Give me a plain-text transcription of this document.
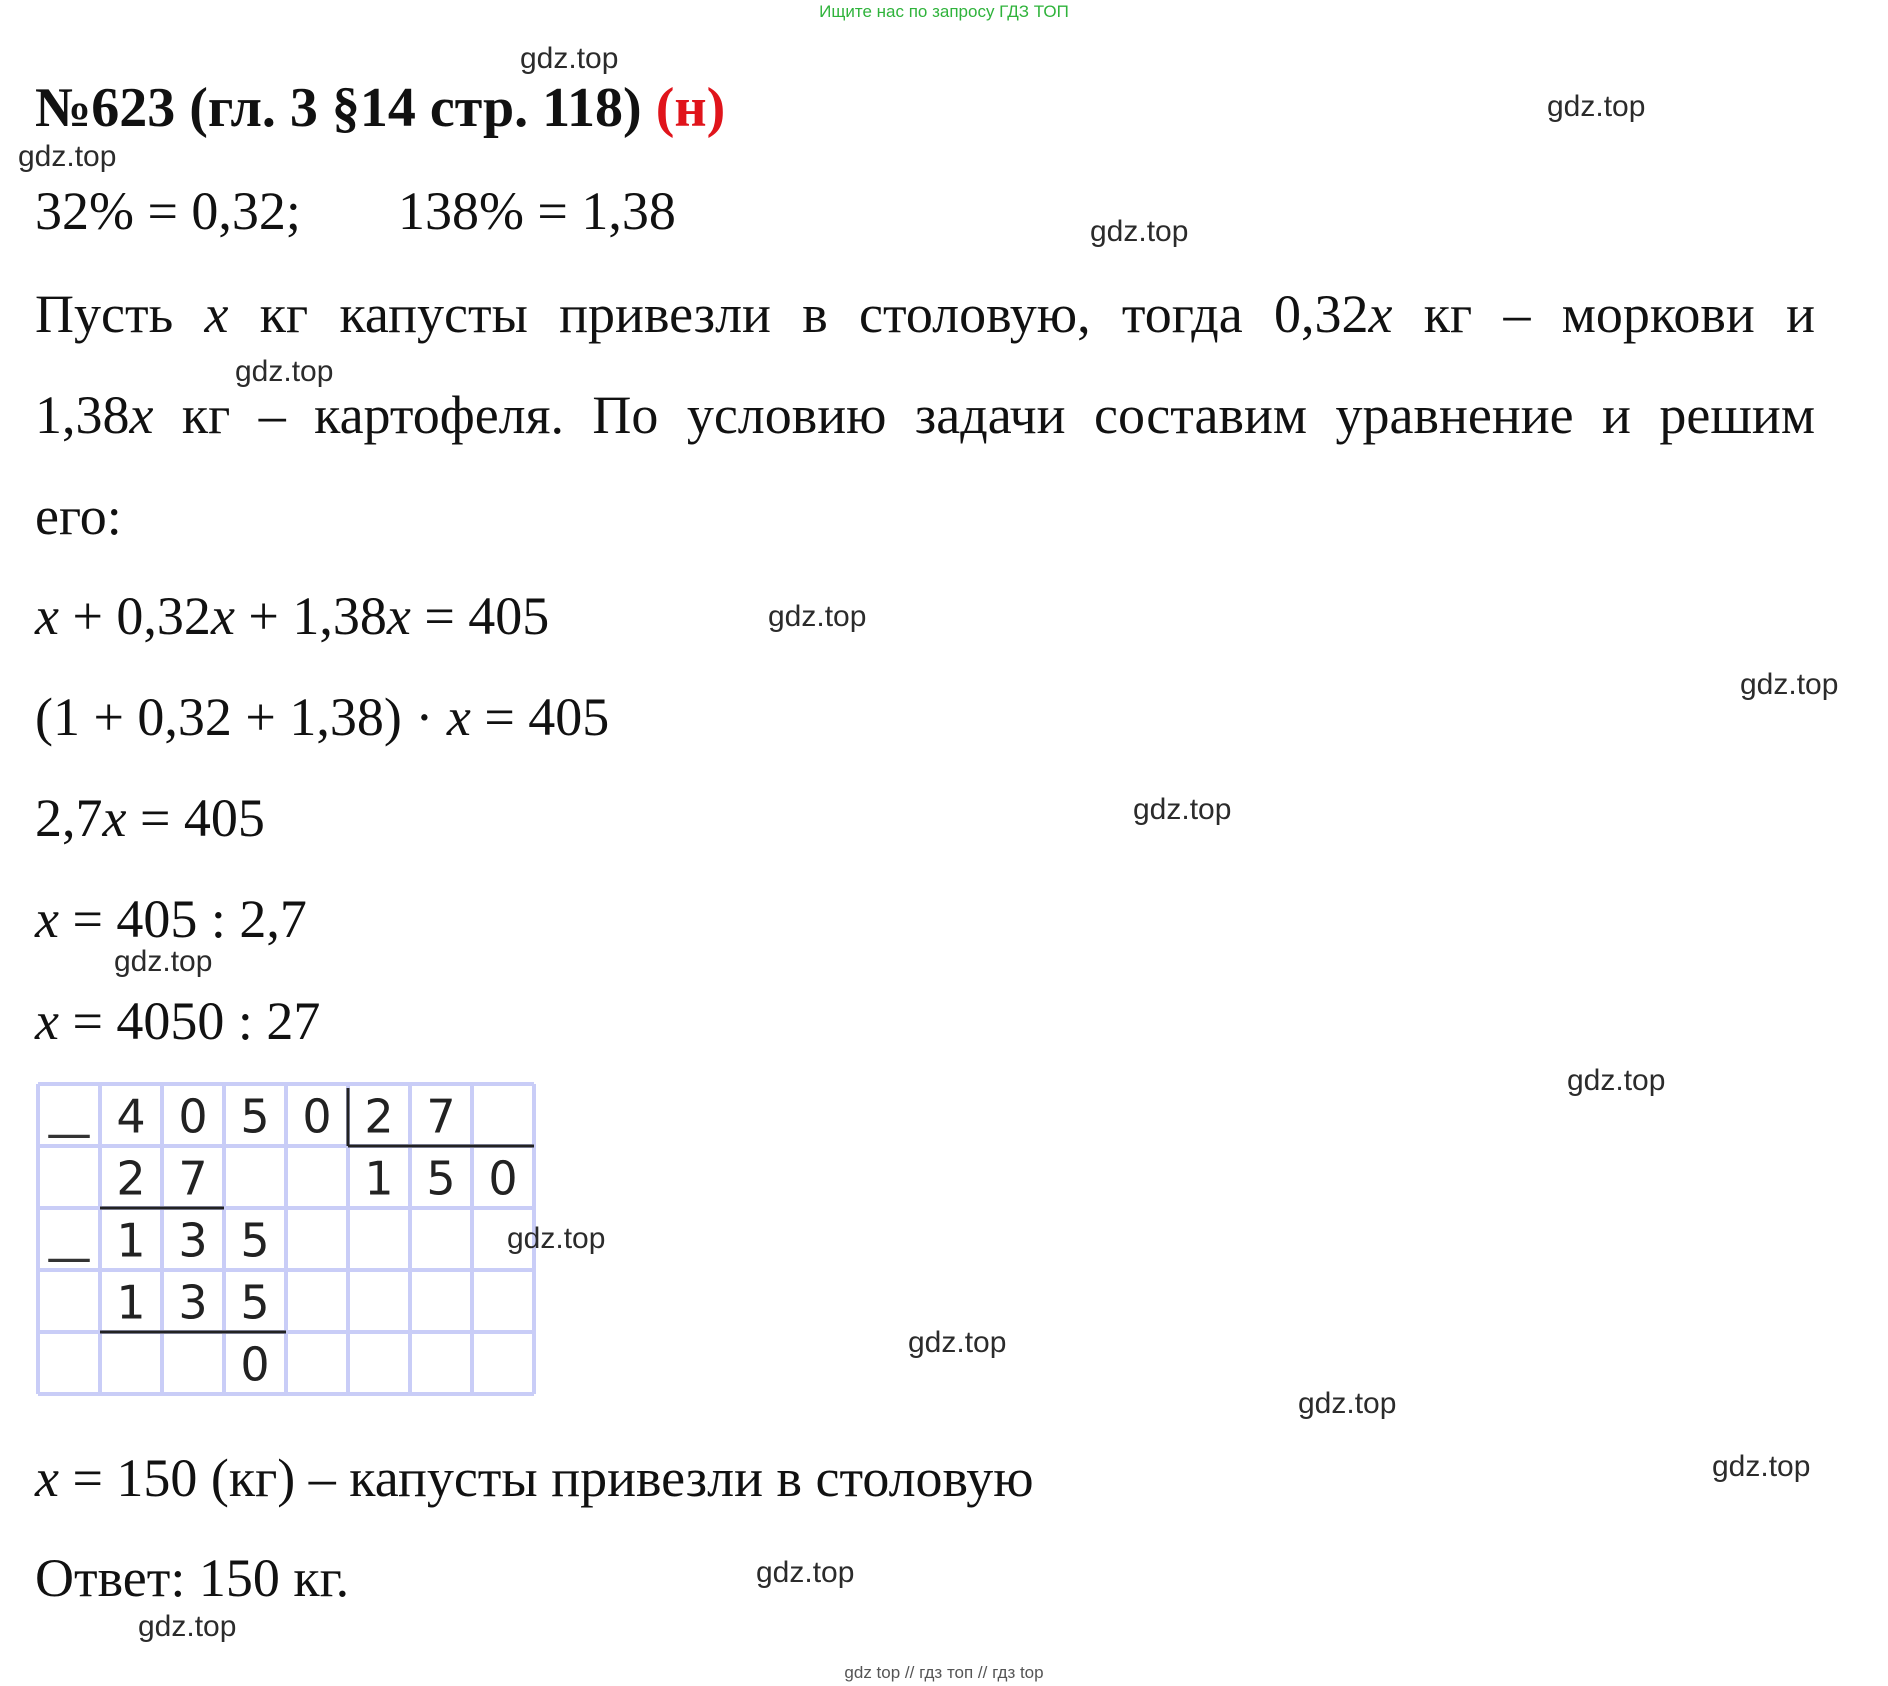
Ищите нас по запросу ГДЗ ТОП
№623 (гл. 3 §14 стр. 118) (н)
32% = 0,32; 138% = 1,38
Пусть x кг капусты привезли в столовую, тогда 0,32x кг – моркови и
1,38x кг – картофеля. По условию задачи составим уравнение и решим
его:
x + 0,32x + 1,38x = 405
(1 + 0,32 + 1,38) · x = 405
2,7x = 405
x = 405 : 2,7
x = 4050 : 27
4 0 5 0 2 7
1 5 0
2 7
1 3 5
1 3 5
0
—
—
x = 150 (кг) – капусты привезли в столовую
Ответ: 150 кг.
gdz.top
gdz.top
gdz.top
gdz.top
gdz.top
gdz.top
gdz.top
gdz.top
gdz.top
gdz.top
gdz.top
gdz.top
gdz.top
gdz.top
gdz.top
gdz.top
gdz top // гдз топ // гдз top
